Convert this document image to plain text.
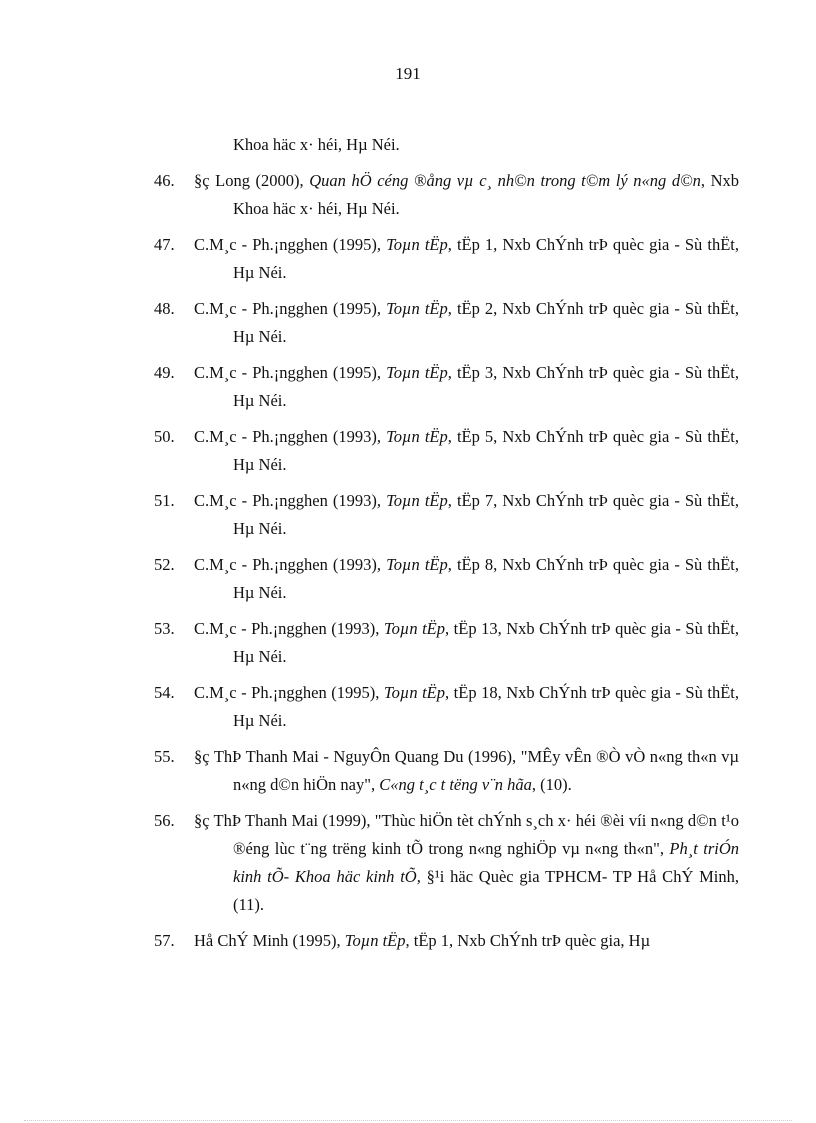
191
Khoa häc x· héi, Hµ Néi.
46.	§ç Long (2000), Quan hÖ céng ®ång vµ c¸ nh©n trong t©m lý n«ng d©n, Nxb Khoa häc x· héi, Hµ Néi.
47.	C.M¸c - Ph.¡ngghen (1995), Toµn tËp, tËp 1, Nxb ChÝnh trÞ quèc gia - Sù thËt, Hµ Néi.
48.	C.M¸c - Ph.¡ngghen (1995), Toµn tËp, tËp 2, Nxb ChÝnh trÞ quèc gia - Sù thËt, Hµ Néi.
49.	C.M¸c - Ph.¡ngghen (1995), Toµn tËp, tËp 3, Nxb ChÝnh trÞ quèc gia - Sù thËt, Hµ Néi.
50.	C.M¸c - Ph.¡ngghen (1993), Toµn tËp, tËp 5, Nxb ChÝnh trÞ quèc gia - Sù thËt, Hµ Néi.
51.	C.M¸c - Ph.¡ngghen (1993), Toµn tËp, tËp 7, Nxb ChÝnh trÞ quèc gia - Sù thËt, Hµ Néi.
52.	C.M¸c - Ph.¡ngghen (1993), Toµn tËp, tËp 8, Nxb ChÝnh trÞ quèc gia - Sù thËt, Hµ Néi.
53.	C.M¸c - Ph.¡ngghen (1993), Toµn tËp, tËp 13, Nxb ChÝnh trÞ quèc gia - Sù thËt, Hµ Néi.
54.	C.M¸c - Ph.¡ngghen (1995), Toµn tËp, tËp 18, Nxb ChÝnh trÞ quèc gia - Sù thËt, Hµ Néi.
55.	§ç ThÞ Thanh Mai - NguyÔn Quang Du (1996), "MÊy vÊn ®Ò vÒ n«ng th«n vµ n«ng d©n hiÖn nay", C«ng t¸c t tëng v¨n hãa, (10).
56.	§ç ThÞ Thanh Mai (1999), "Thùc hiÖn tèt chÝnh s¸ch x· héi ®èi víi n«ng d©n t¹o ®éng lùc t¨ng trëng kinh tÕ trong n«ng nghiÖp vµ n«ng th«n", Ph¸t triÓn kinh tÕ- Khoa häc kinh tÕ, §¹i häc Quèc gia TPHCM- TP Hå ChÝ Minh, (11).
57.	Hå ChÝ Minh (1995), Toµn tËp, tËp 1, Nxb ChÝnh trÞ quèc gia, Hµ
